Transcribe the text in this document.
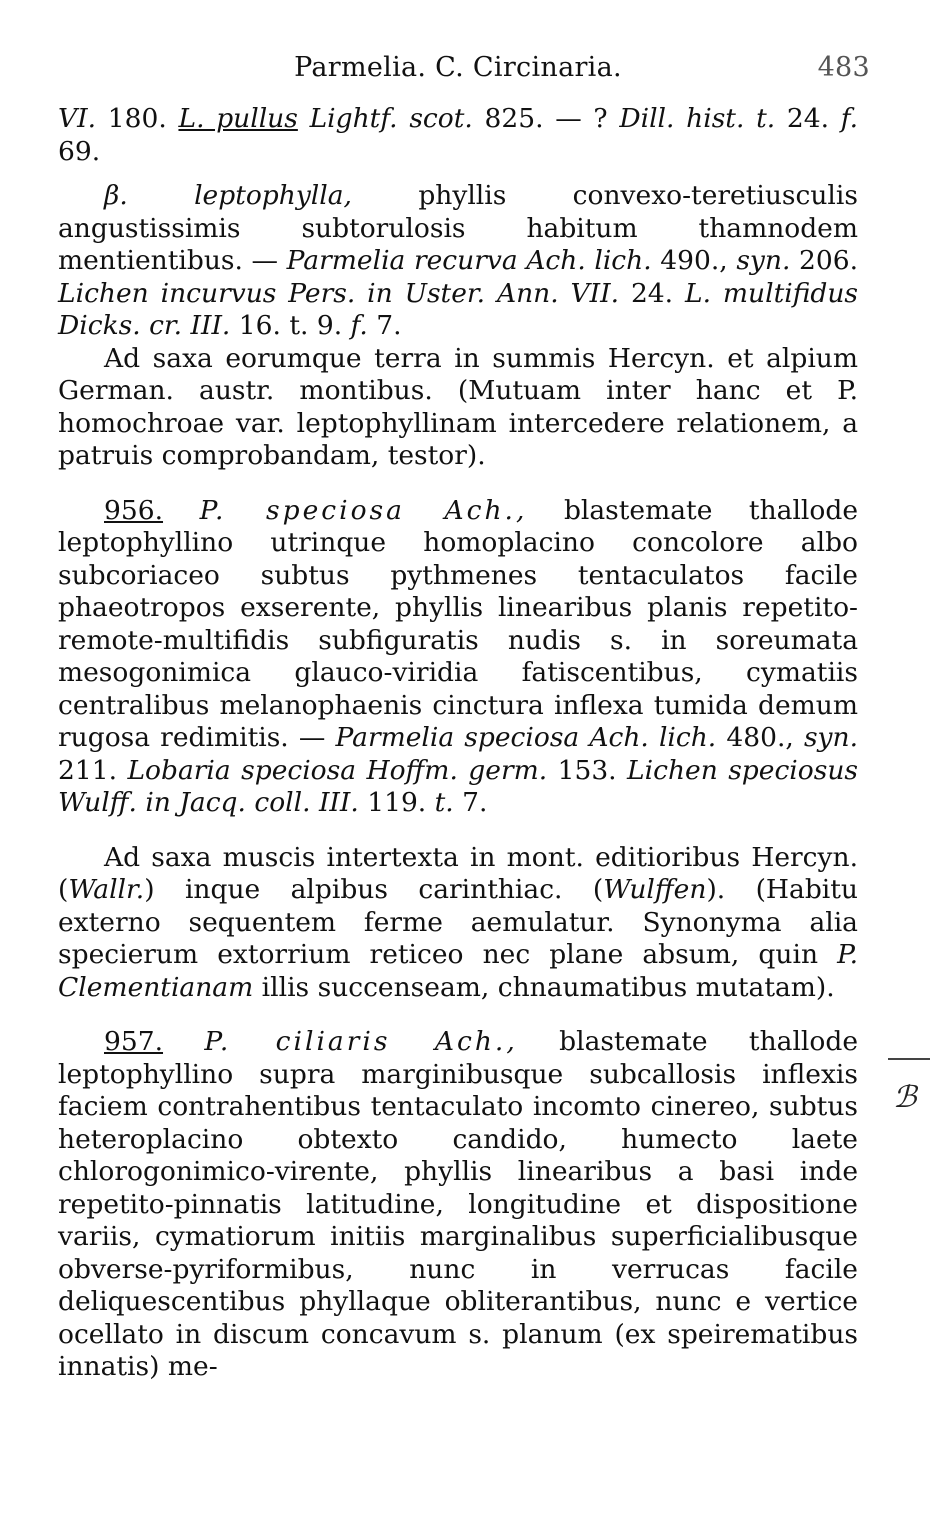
Parmelia. C. Circinaria.	483

VI. 180. L. pullus Lightf. scot. 825. — ? Dill. hist. t. 24. f. 69.

β. leptophylla, phyllis convexo-teretiusculis angustissimis subtorulosis habitum thamnodem mentientibus. — Parmelia recurva Ach. lich. 490., syn. 206. Lichen incurvus Pers. in Uster. Ann. VII. 24. L. multifidus Dicks. cr. III. 16. t. 9. f. 7.

Ad saxa eorumque terra in summis Hercyn. et alpium German. austr. montibus. (Mutuam inter hanc et P. homochroae var. leptophyllinam intercedere relationem, a patruis comprobandam, testor).

956. P. speciosa Ach., blastemate thallode leptophyllino utrinque homoplacino concolore albo subcoriaceo subtus pythmenes tentaculatos facile phaeotropos exserente, phyllis linearibus planis repetito-remote-multifidis subfiguratis nudis s. in soreumata mesogonimica glauco-viridia fatiscentibus, cymatiis centralibus melanophaenis cinctura inflexa tumida demum rugosa redimitis. — Parmelia speciosa Ach. lich. 480., syn. 211. Lobaria speciosa Hoffm. germ. 153. Lichen speciosus Wulff. in Jacq. coll. III. 119. t. 7.

Ad saxa muscis intertexta in mont. editioribus Hercyn. (Wallr.) inque alpibus carinthiac. (Wulffen). (Habitu externo sequentem ferme aemulatur. Synonyma alia specierum extorrium reticeo nec plane absum, quin P. Clementianam illis succenseam, chnaumatibus mutatam).

957. P. ciliaris Ach., blastemate thallode leptophyllino supra marginibusque subcallosis inflexis faciem contrahentibus tentaculato incomto cinereo, subtus heteroplacino obtexto candido, humecto laete chlorogonimico-virente, phyllis linearibus a basi inde repetito-pinnatis latitudine, longitudine et dispositione variis, cymatiorum initiis marginalibus superficialibusque obverse-pyriformibus, nunc in verrucas facile deliquescentibus phyllaque obliterantibus, nunc e vertice ocellato in discum concavum s. planum (ex speirematibus innatis) me-

ℬ
